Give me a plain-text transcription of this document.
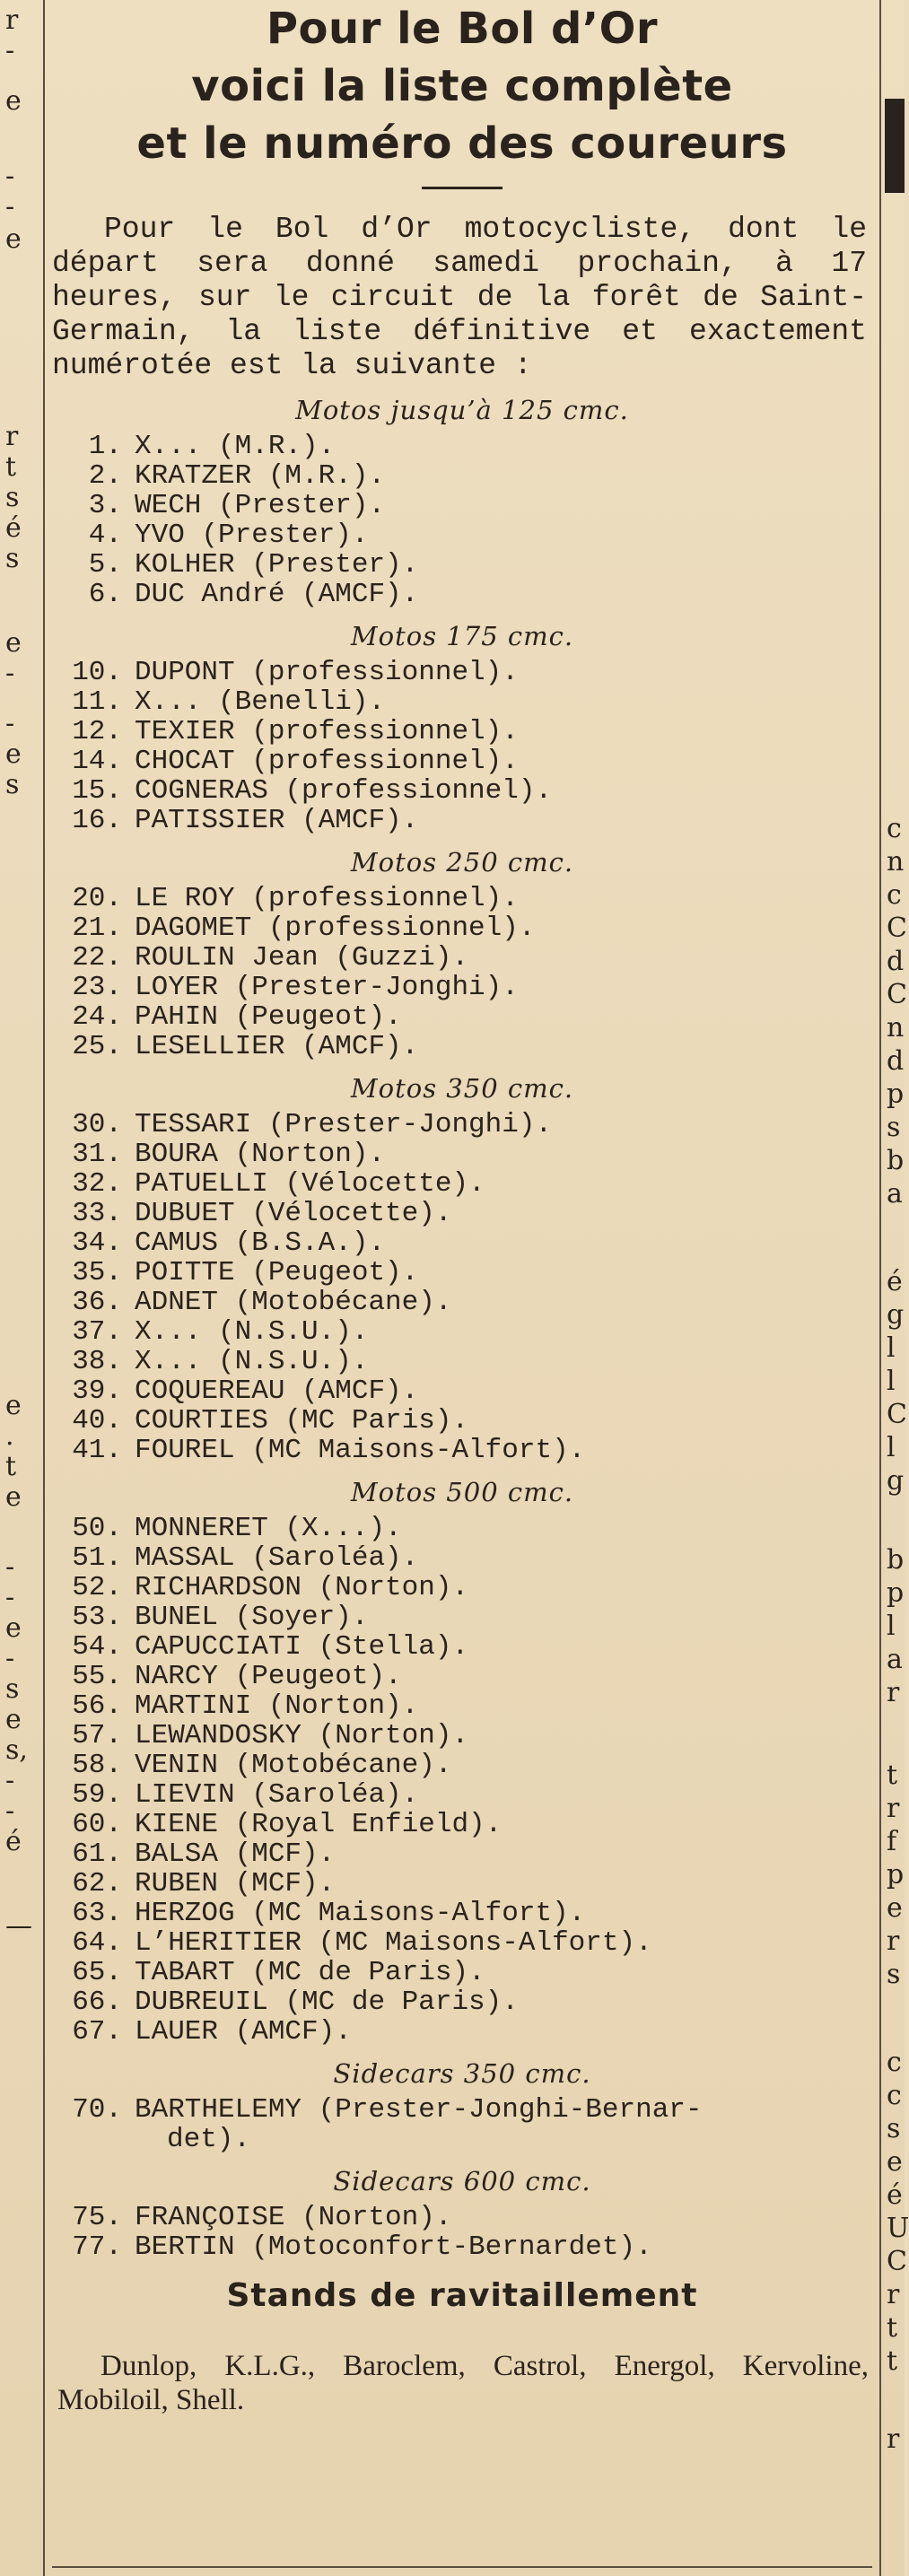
r
-
e
-
-
e
r
t
s
é
s
e
-
-
e
s
e
.
t
e
-
-
e
-
s
e
s,
-
-
é
—
c
n
c
C
d
C
n
d
p
s
b
a
é
g
l
l
C
l
g
b
p
l
a
r
t
r
f
p
e
r
s
c
c
s
e
é
U
C
r
t
t
r
Pour le Bol d’Or
voici la liste complète
et le numéro des coureurs

Pour le Bol d’Or motocycliste, dont le départ sera donné samedi prochain, à 17 heures, sur le circuit de la forêt de Saint-Germain, la liste définitive et exactement numérotée est la suivante :

Motos jusqu’à 125 cmc.
1. X... (M.R.).
2. KRATZER (M.R.).
3. WECH (Prester).
4. YVO (Prester).
5. KOLHER (Prester).
6. DUC André (AMCF).
Motos 175 cmc.
10. DUPONT (professionnel).
11. X... (Benelli).
12. TEXIER (professionnel).
14. CHOCAT (professionnel).
15. COGNERAS (professionnel).
16. PATISSIER (AMCF).
Motos 250 cmc.
20. LE ROY (professionnel).
21. DAGOMET (professionnel).
22. ROULIN Jean (Guzzi).
23. LOYER (Prester-Jonghi).
24. PAHIN (Peugeot).
25. LESELLIER (AMCF).
Motos 350 cmc.
30. TESSARI (Prester-Jonghi).
31. BOURA (Norton).
32. PATUELLI (Vélocette).
33. DUBUET (Vélocette).
34. CAMUS (B.S.A.).
35. POITTE (Peugeot).
36. ADNET (Motobécane).
37. X... (N.S.U.).
38. X... (N.S.U.).
39. COQUEREAU (AMCF).
40. COURTIES (MC Paris).
41. FOUREL (MC Maisons-Alfort).
Motos 500 cmc.
50. MONNERET (X...).
51. MASSAL (Saroléa).
52. RICHARDSON (Norton).
53. BUNEL (Soyer).
54. CAPUCCIATI (Stella).
55. NARCY (Peugeot).
56. MARTINI (Norton).
57. LEWANDOSKY (Norton).
58. VENIN (Motobécane).
59. LIEVIN (Saroléa).
60. KIENE (Royal Enfield).
61. BALSA (MCF).
62. RUBEN (MCF).
63. HERZOG (MC Maisons-Alfort).
64. L’HERITIER (MC Maisons-Alfort).
65. TABART (MC de Paris).
66. DUBREUIL (MC de Paris).
67. LAUER (AMCF).
Sidecars 350 cmc.
70. BARTHELEMY (Prester-Jonghi-Bernar-
det).
Sidecars 600 cmc.
75. FRANÇOISE (Norton).
77. BERTIN (Motoconfort-Bernardet).
Stands de ravitaillement

Dunlop, K.L.G., Baroclem, Castrol, Energol, Kervoline, Mobiloil, Shell.
